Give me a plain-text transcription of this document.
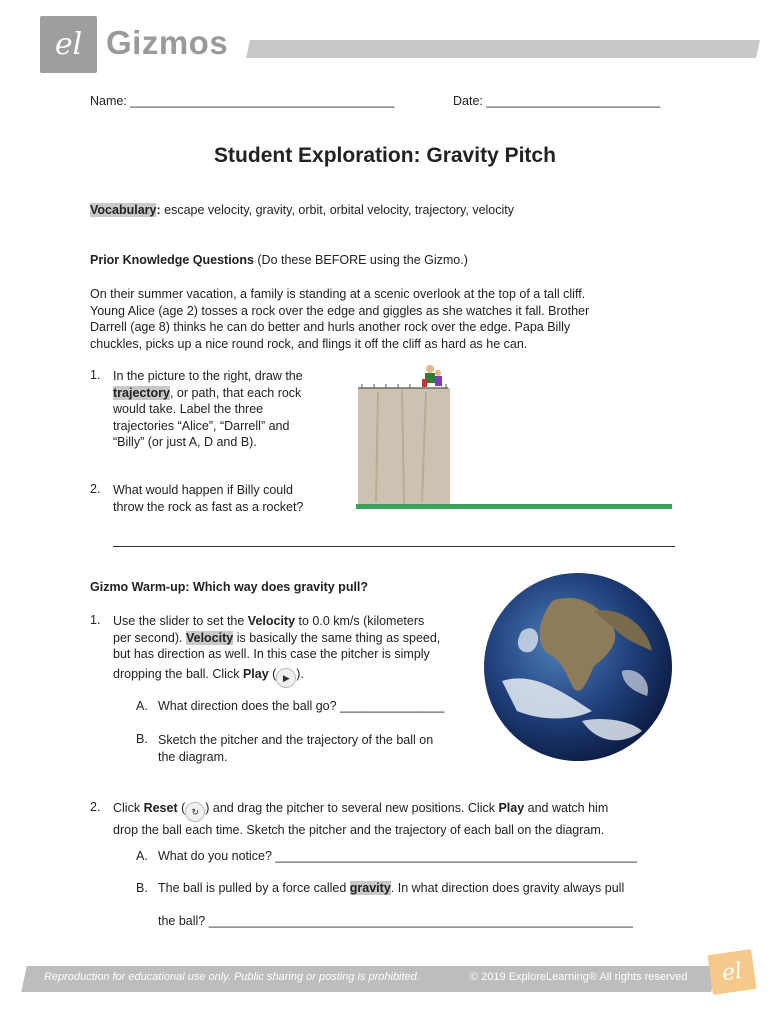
el Gizmos
Name: ______________________________________	Date: _________________________
Student Exploration: Gravity Pitch
Vocabulary: escape velocity, gravity, orbit, orbital velocity, trajectory, velocity
Prior Knowledge Questions (Do these BEFORE using the Gizmo.)
On their summer vacation, a family is standing at a scenic overlook at the top of a tall cliff.
Young Alice (age 2) tosses a rock over the edge and giggles as she watches it fall. Brother
Darrell (age 8) thinks he can do better and hurls another rock over the edge. Papa Billy
chuckles, picks up a nice round rock, and flings it off the cliff as hard as he can.
1. In the picture to the right, draw the
trajectory, or path, that each rock
would take. Label the three
trajectories “Alice”, “Darrell” and
“Billy” (or just A, D and B).
2. What would happen if Billy could
throw the rock as fast as a rocket?
Gizmo Warm-up: Which way does gravity pull?
1. Use the slider to set the Velocity to 0.0 km/s (kilometers
per second). Velocity is basically the same thing as speed,
but has direction as well. In this case the pitcher is simply
dropping the ball. Click Play ( ▶ ).
A. What direction does the ball go? _______________
B. Sketch the pitcher and the trajectory of the ball on
the diagram.
2. Click Reset ( ↻ ) and drag the pitcher to several new positions. Click Play and watch him
drop the ball each time. Sketch the pitcher and the trajectory of each ball on the diagram.
A. What do you notice? ____________________________________________________
B. The ball is pulled by a force called gravity. In what direction does gravity always pull
the ball? _____________________________________________________________
Reproduction for educational use only. Public sharing or posting is prohibited.	© 2019 ExploreLearning® All rights reserved el
